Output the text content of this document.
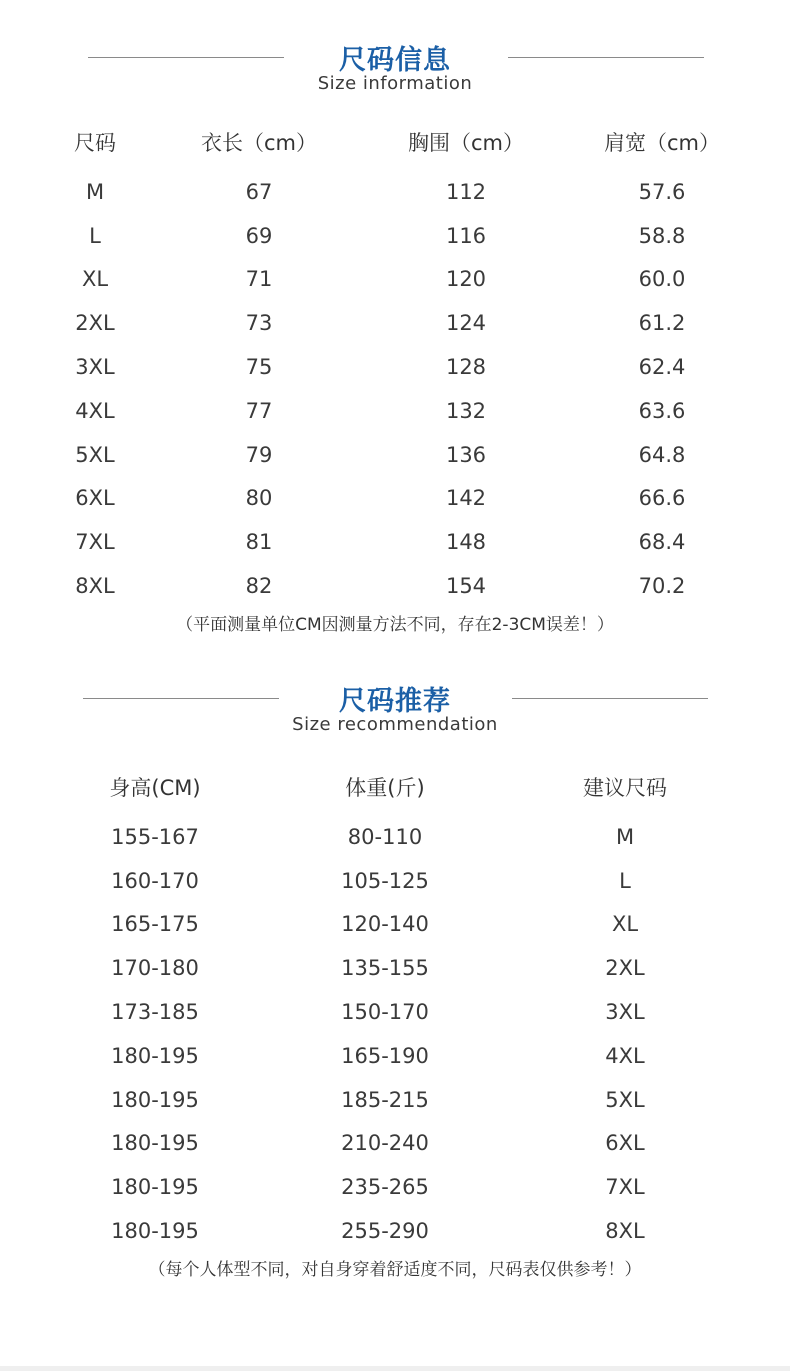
尺码信息
Size information
尺码	衣长（cm）	胸围（cm）	肩宽（cm）
M	67	112	57.6
L	69	116	58.8
XL	71	120	60.0
2XL	73	124	61.2
3XL	75	128	62.4
4XL	77	132	63.6
5XL	79	136	64.8
6XL	80	142	66.6
7XL	81	148	68.4
8XL	82	154	70.2
（平面测量单位CM因测量方法不同，存在2-3CM误差！）
尺码推荐
Size recommendation
身高(CM)	体重(斤)	建议尺码
155-167	80-110	M
160-170	105-125	L
165-175	120-140	XL
170-180	135-155	2XL
173-185	150-170	3XL
180-195	165-190	4XL
180-195	185-215	5XL
180-195	210-240	6XL
180-195	235-265	7XL
180-195	255-290	8XL
（每个人体型不同，对自身穿着舒适度不同，尺码表仅供参考！）
